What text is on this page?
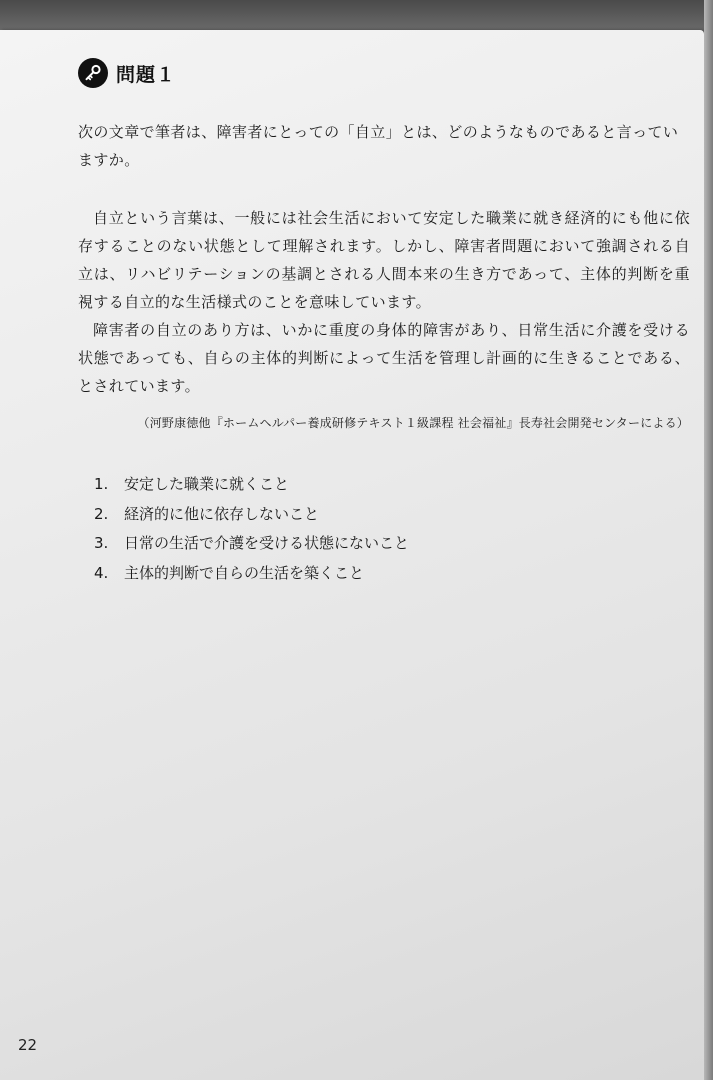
問題１
次の文章で筆者は、障害者にとっての「自立」とは、どのようなものであると言っていますか。

自立という言葉は、一般には社会生活において安定した職業に就き経済的にも他に依存することのない状態として理解されます。しかし、障害者問題において強調される自立は、リハビリテーションの基調とされる人間本来の生き方であって、主体的判断を重視する自立的な生活様式のことを意味しています。

障害者の自立のあり方は、いかに重度の身体的障害があり、日常生活に介護を受ける状態であっても、自らの主体的判断によって生活を管理し計画的に生きることである、とされています。

（河野康徳他『ホームヘルパー養成研修テキスト１級課程 社会福祉』長寿社会開発センターによる）
1.	安定した職業に就くこと
2.	経済的に他に依存しないこと
3.	日常の生活で介護を受ける状態にないこと
4.	主体的判断で自らの生活を築くこと
22
